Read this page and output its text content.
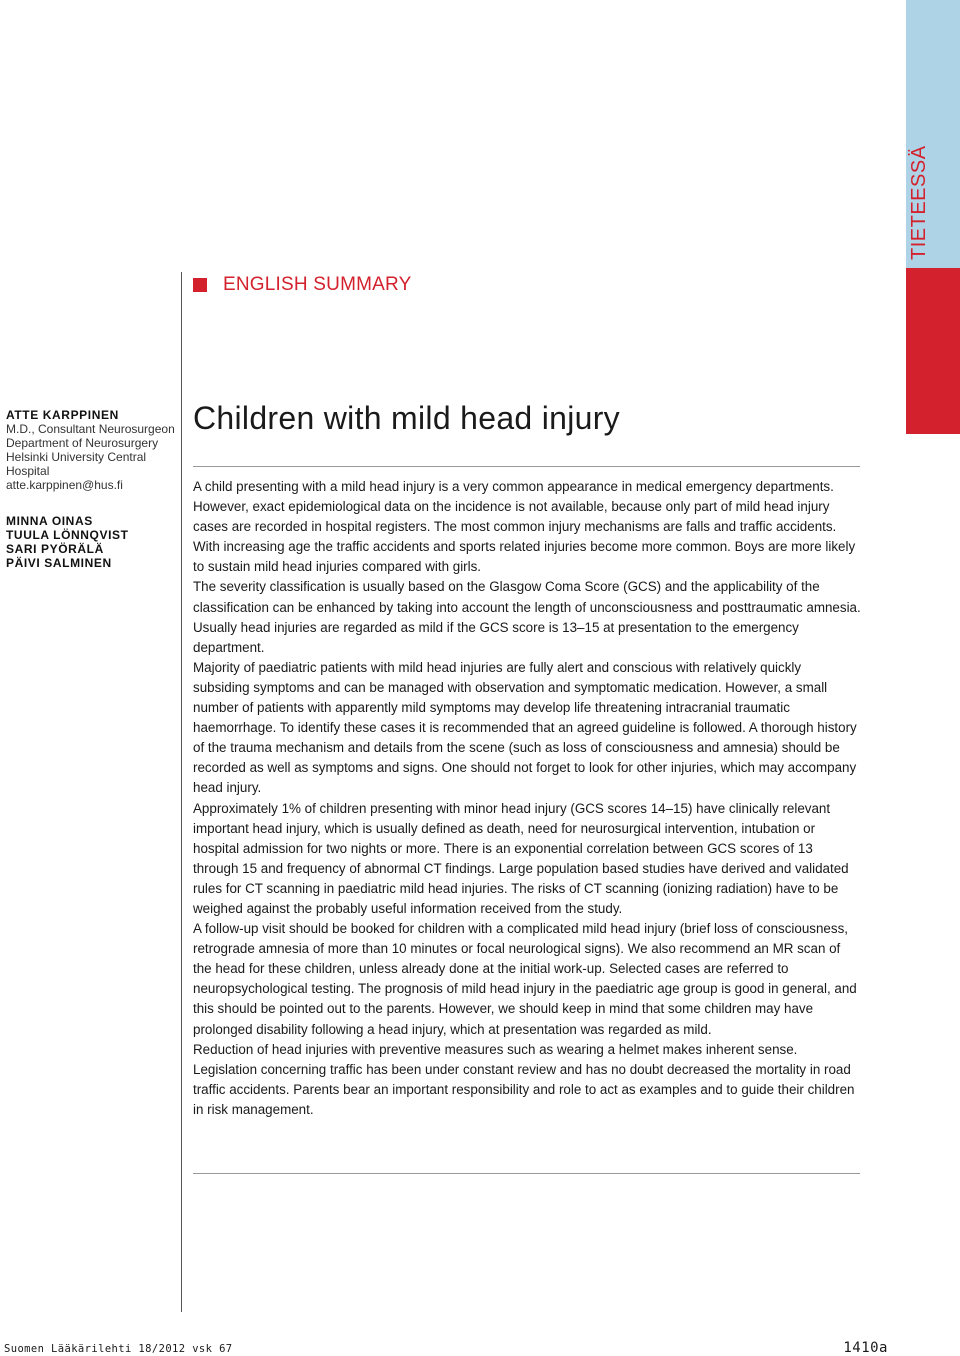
TIETEESSÄ
ENGLISH SUMMARY
ATTE KARPPINEN
M.D., Consultant Neurosurgeon
Department of Neurosurgery
Helsinki University Central
Hospital
atte.karppinen@hus.fi
MINNA OINAS
TUULA LÖNNQVIST
SARI PYÖRÄLÄ
PÄIVI SALMINEN
Children with mild head injury

A child presenting with a mild head injury is a very common appearance in medical emergency departments. However, exact epidemiological data on the incidence is not available, because only part of mild head injury cases are recorded in hospital registers. The most common injury mechanisms are falls and traffic accidents. With increasing age the traffic accidents and sports related injuries become more common. Boys are more likely to sustain mild head injuries compared with girls.

The severity classification is usually based on the Glasgow Coma Score (GCS) and the applicability of the classification can be enhanced by taking into account the length of unconsciousness and posttraumatic amnesia. Usually head injuries are regarded as mild if the GCS score is 13–15 at presentation to the emergency department.

Majority of paediatric patients with mild head injuries are fully alert and conscious with relatively quickly subsiding symptoms and can be managed with observation and symptomatic medication. However, a small number of patients with apparently mild symptoms may develop life threatening intracranial traumatic haemorrhage. To identify these cases it is recommended that an agreed guideline is followed. A thorough history of the trauma mechanism and details from the scene (such as loss of consciousness and amnesia) should be recorded as well as symptoms and signs. One should not forget to look for other injuries, which may accompany head injury.

Approximately 1% of children presenting with minor head injury (GCS scores 14–15) have clinically relevant important head injury, which is usually defined as death, need for neurosurgical intervention, intubation or hospital admission for two nights or more. There is an exponential correlation between GCS scores of 13 through 15 and frequency of abnormal CT findings. Large population based studies have derived and validated rules for CT scanning in paediatric mild head injuries. The risks of CT scanning (ionizing radiation) have to be weighed against the probably useful information received from the study.

A follow-up visit should be booked for children with a complicated mild head injury (brief loss of consciousness, retrograde amnesia of more than 10 minutes or focal neurological signs). We also recommend an MR scan of the head for these children, unless already done at the initial work-up. Selected cases are referred to neuropsychological testing. The prognosis of mild head injury in the paediatric age group is good in general, and this should be pointed out to the parents. However, we should keep in mind that some children may have prolonged disability following a head injury, which at presentation was regarded as mild.

Reduction of head injuries with preventive measures such as wearing a helmet makes inherent sense. Legislation concerning traffic has been under constant review and has no doubt decreased the mortality in road traffic accidents. Parents bear an important responsibility and role to act as examples and to guide their children in risk management.

Suomen Lääkärilehti 18/2012 vsk 67	1410a
